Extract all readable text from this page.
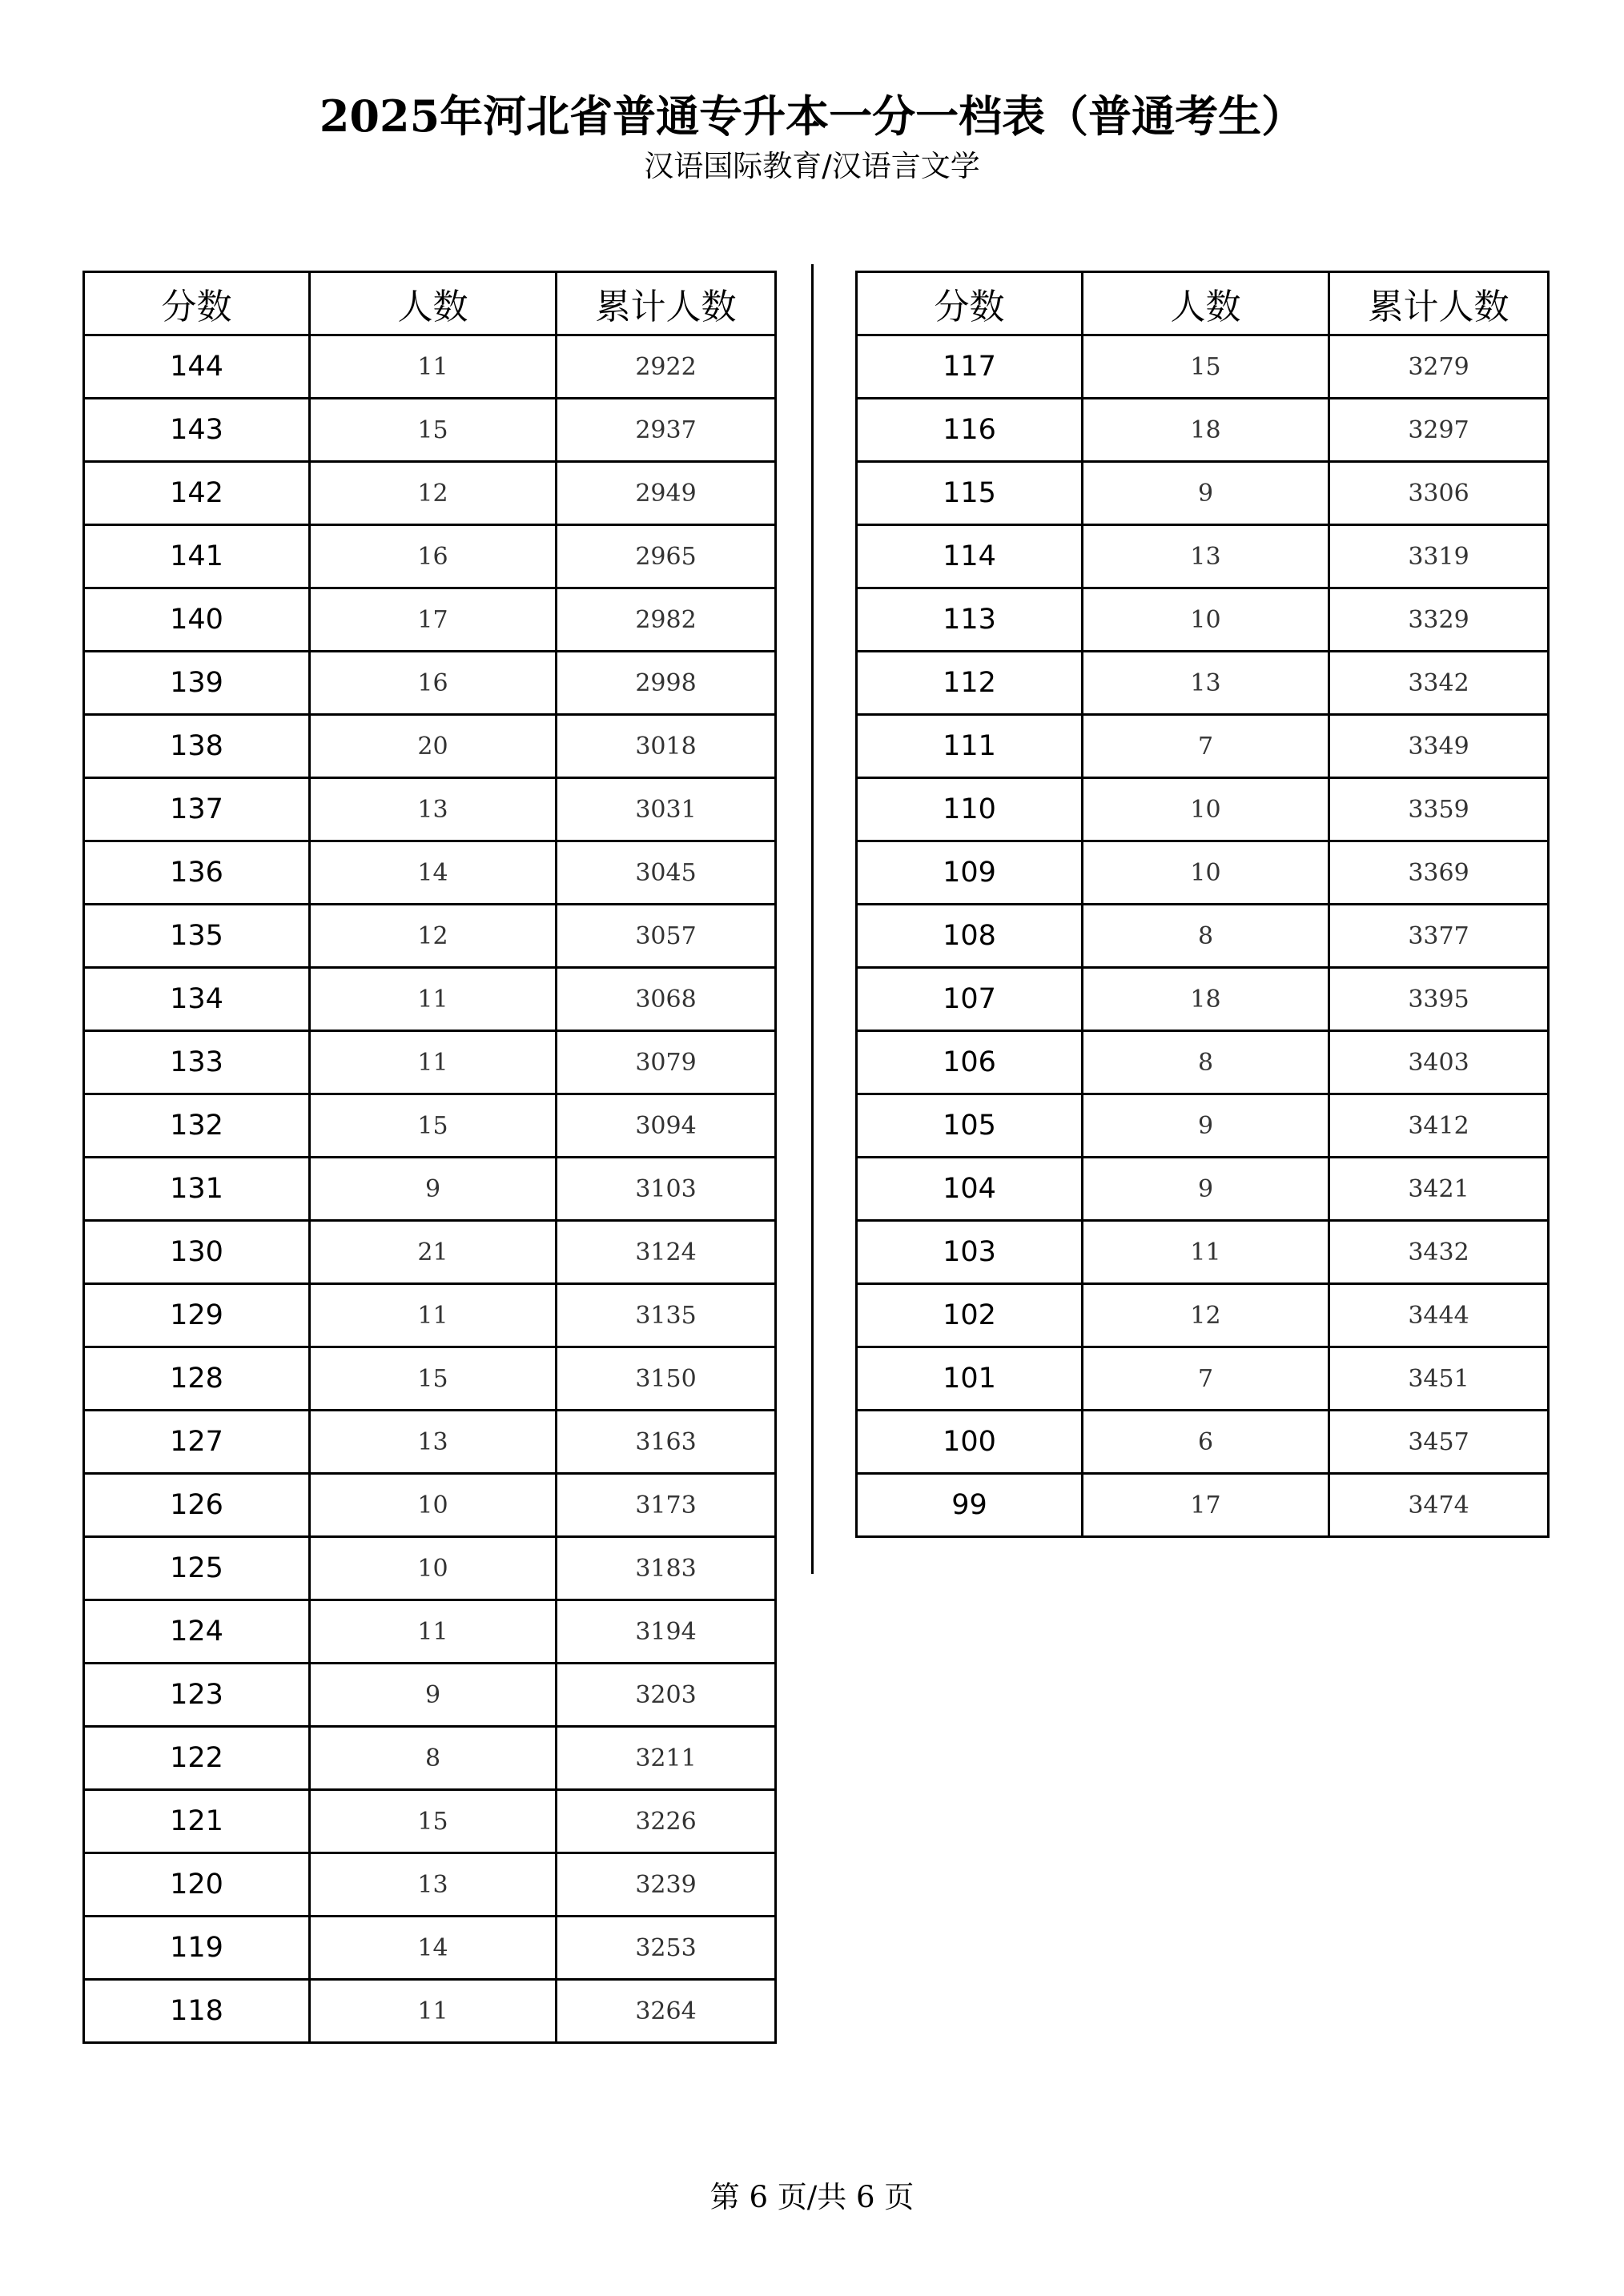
2025年河北省普通专升本一分一档表（普通考生）
汉语国际教育/汉语言文学
分数	人数	累计人数
144	11	2922
143	15	2937
142	12	2949
141	16	2965
140	17	2982
139	16	2998
138	20	3018
137	13	3031
136	14	3045
135	12	3057
134	11	3068
133	11	3079
132	15	3094
131	9	3103
130	21	3124
129	11	3135
128	15	3150
127	13	3163
126	10	3173
125	10	3183
124	11	3194
123	9	3203
122	8	3211
121	15	3226
120	13	3239
119	14	3253
118	11	3264
分数	人数	累计人数
117	15	3279
116	18	3297
115	9	3306
114	13	3319
113	10	3329
112	13	3342
111	7	3349
110	10	3359
109	10	3369
108	8	3377
107	18	3395
106	8	3403
105	9	3412
104	9	3421
103	11	3432
102	12	3444
101	7	3451
100	6	3457
99	17	3474
第 6 页/共 6 页
